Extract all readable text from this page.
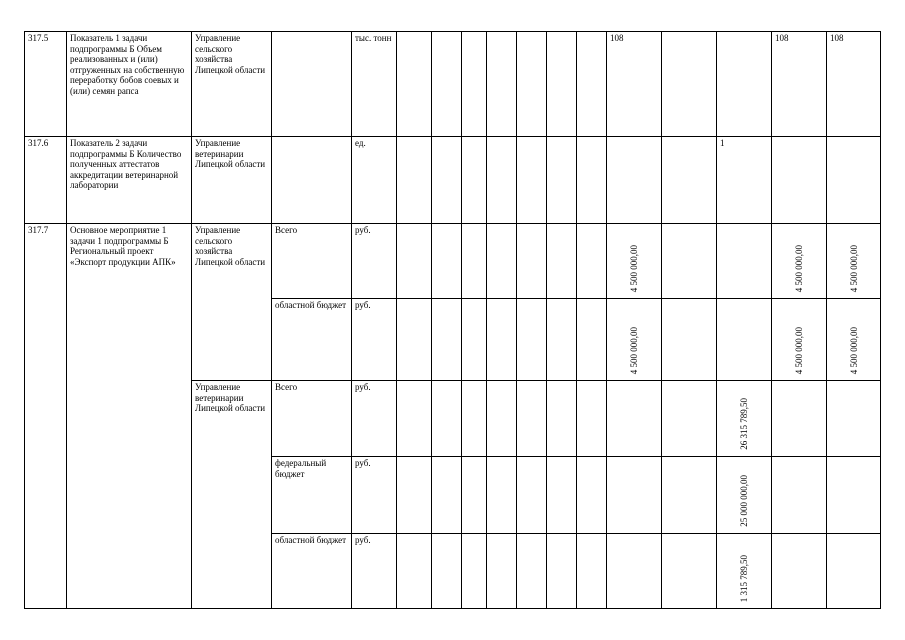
317.5	Показатель 1 задачи подпрограммы Б Объем реализованных и (или) отгруженных на собственную переработку бобов соевых и (или) семян рапса	Управление сельского хозяйства Липецкой области		тыс. тонн								108			108	108
317.6	Показатель 2 задачи подпрограммы Б Количество полученных аттестатов аккредитации ветеринарной лаборатории	Управление ветеринарии Липецкой области		ед.										1		
317.7	Основное мероприятие 1 задачи 1 подпрограммы Б Региональный проект «Экспорт продукции АПК»	Управление сельского хозяйства Липецкой области	Всего	руб.								4 500 000,00			4 500 000,00	4 500 000,00

			областной бюджет	руб.								4 500 000,00			4 500 000,00	4 500 000,00

		Управление ветеринарии Липецкой области	Всего	руб.										26 315 789,50		

			федеральный бюджет	руб.										25 000 000,00		

			областной бюджет	руб.										1 315 789,50		
